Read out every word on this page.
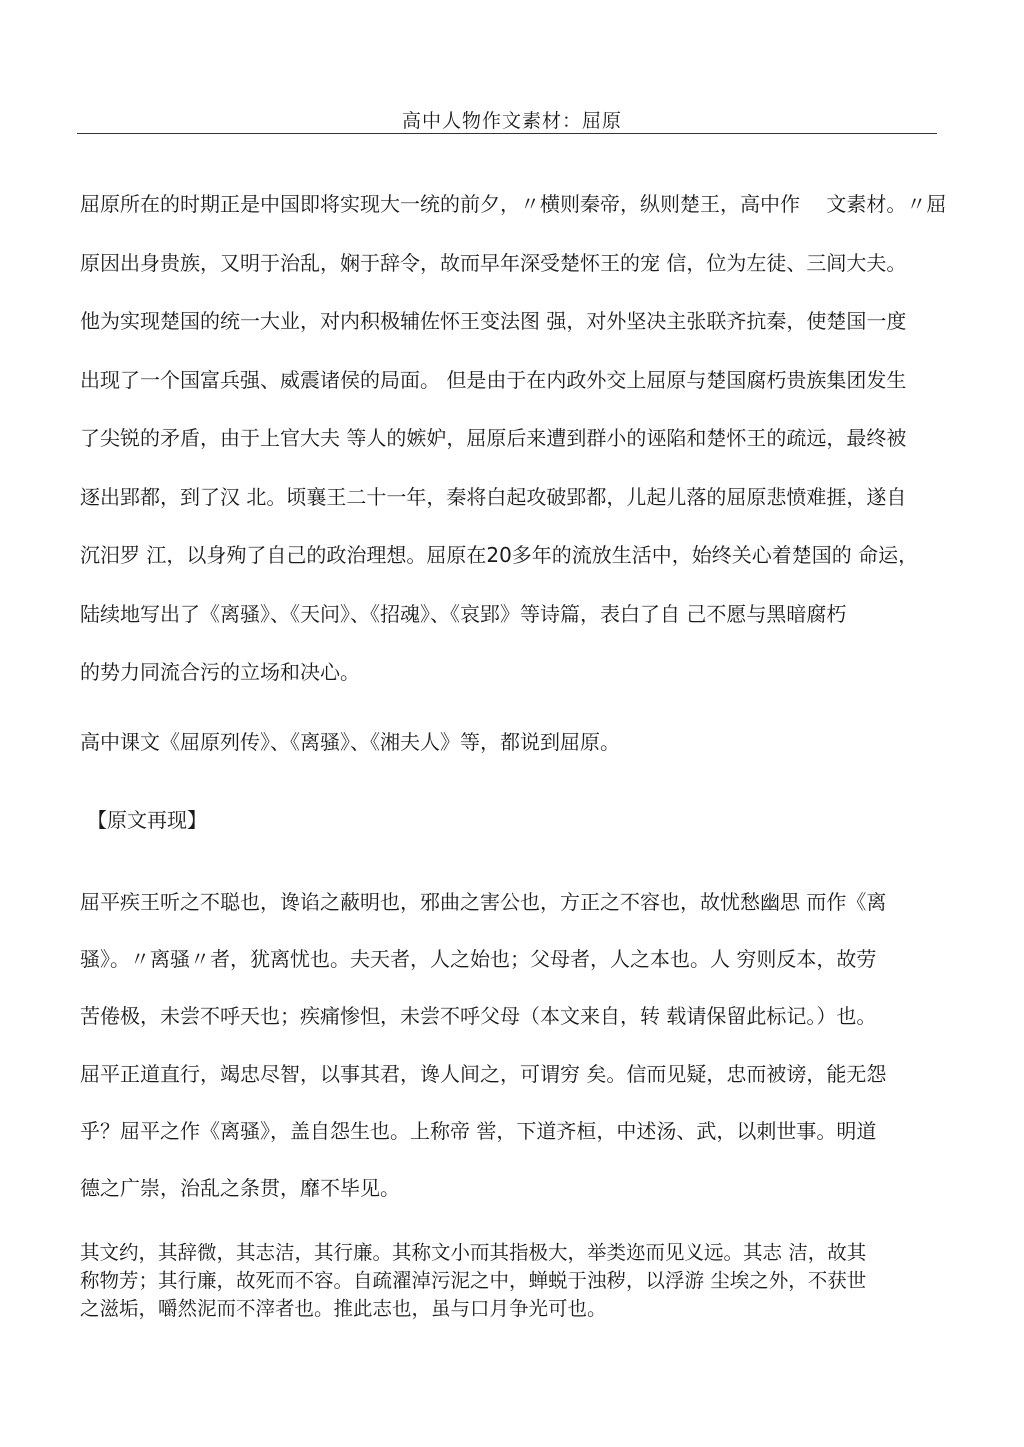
高中人物作文素材：屈原
屈原所在的时期正是中国即将实现大一统的前夕，〃横则秦帝，纵则楚王，高中作　 文素材。〃屈
原因出身贵族，又明于治乱，娴于辞令，故而早年深受楚怀王的宠 信，位为左徒、三闾大夫。
他为实现楚国的统一大业，对内积极辅佐怀王变法图 强，对外坚决主张联齐抗秦，使楚国一度
出现了一个国富兵强、威震诸侯的局面。 但是由于在内政外交上屈原与楚国腐朽贵族集团发生
了尖锐的矛盾，由于上官大夫 等人的嫉妒，屈原后来遭到群小的诬陷和楚怀王的疏远，最终被
逐出郢都，到了汉 北。顷襄王二十一年，秦将白起攻破郢都，儿起儿落的屈原悲愤难捱，遂自
沉汨罗 江，以身殉了自己的政治理想。屈原在20多年的流放生活中，始终关心着楚国的 命运，
陆续地写出了《离骚》、《天问》、《招魂》、《哀郢》等诗篇，表白了自 己不愿与黑暗腐朽
的势力同流合污的立场和决心。
高中课文《屈原列传》、《离骚》、《湘夫人》等，都说到屈原。
【原文再现】
屈平疾王听之不聪也，谗谄之蔽明也，邪曲之害公也，方正之不容也，故忧愁幽思 而作《离
骚》。〃离骚〃者，犹离忧也。夫天者，人之始也；父母者，人之本也。人 穷则反本，故劳
苦倦极，未尝不呼天也；疾痛惨怛，未尝不呼父母（本文来自，转 载请保留此标记。）也。
屈平正道直行，竭忠尽智，以事其君，谗人间之，可谓穷 矣。信而见疑，忠而被谤，能无怨
乎？屈平之作《离骚》，盖自怨生也。上称帝 喾，下道齐桓，中述汤、武，以刺世事。明道
德之广崇，治乱之条贯，靡不毕见。
其文约，其辞微，其志洁，其行廉。其称文小而其指极大，举类迩而见义远。其志 洁，故其
称物芳；其行廉，故死而不容。自疏濯淖污泥之中，蝉蜕于浊秽，以浮游 尘埃之外，不获世
之滋垢，嚼然泥而不滓者也。推此志也，虽与口月争光可也。
